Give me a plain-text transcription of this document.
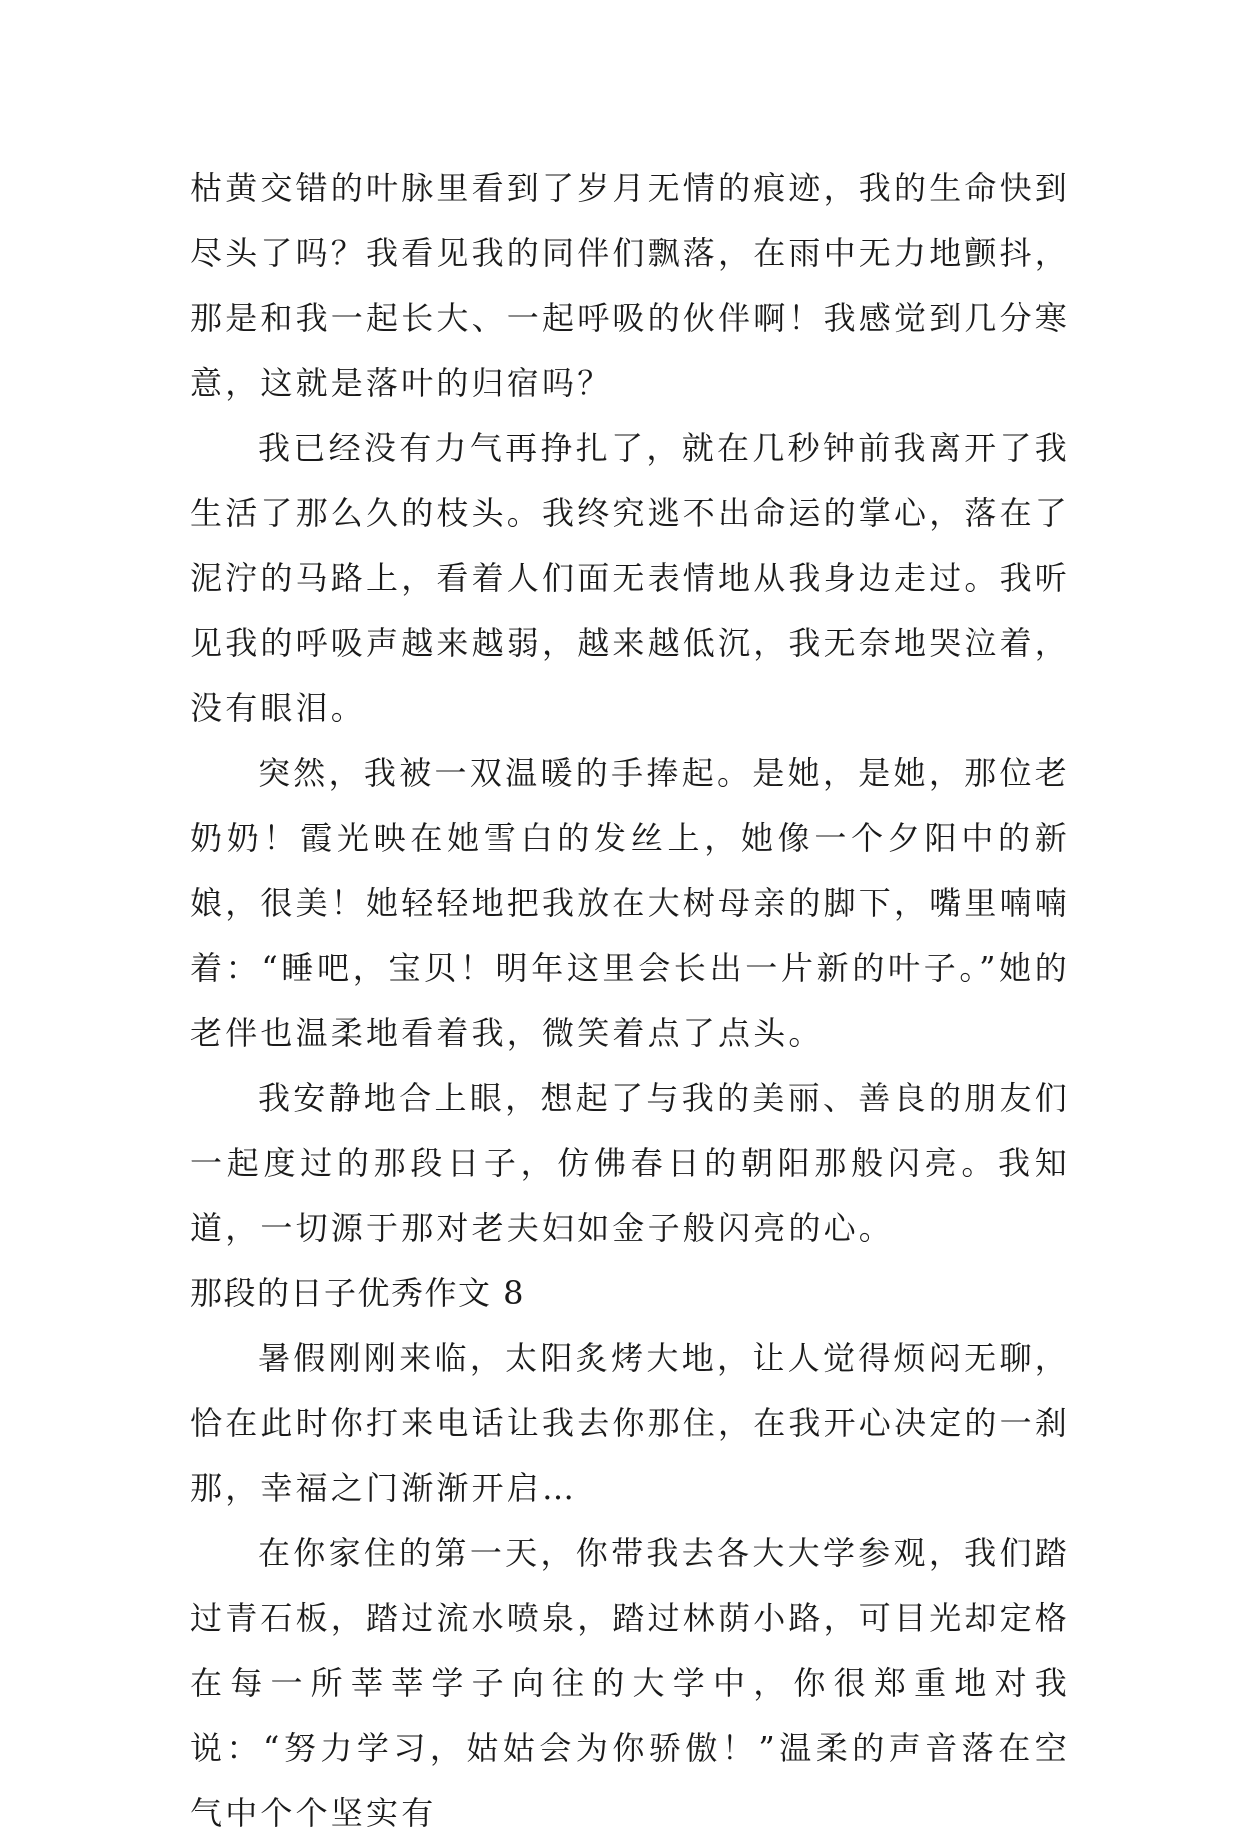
枯黄交错的叶脉里看到了岁月无情的痕迹，我的生命快到尽头了吗？我看见我的同伴们飘落，在雨中无力地颤抖，那是和我一起长大、一起呼吸的伙伴啊！我感觉到几分寒意，这就是落叶的归宿吗？

我已经没有力气再挣扎了，就在几秒钟前我离开了我生活了那么久的枝头。我终究逃不出命运的掌心，落在了泥泞的马路上，看着人们面无表情地从我身边走过。我听见我的呼吸声越来越弱，越来越低沉，我无奈地哭泣着，没有眼泪。

突然，我被一双温暖的手捧起。是她，是她，那位老奶奶！霞光映在她雪白的发丝上，她像一个夕阳中的新娘，很美！她轻轻地把我放在大树母亲的脚下，嘴里喃喃着：“睡吧，宝贝！明年这里会长出一片新的叶子。”她的老伴也温柔地看着我，微笑着点了点头。

我安静地合上眼，想起了与我的美丽、善良的朋友们一起度过的那段日子，仿佛春日的朝阳那般闪亮。我知道，一切源于那对老夫妇如金子般闪亮的心。

那段的日子优秀作文 8

暑假刚刚来临，太阳炙烤大地，让人觉得烦闷无聊，恰在此时你打来电话让我去你那住，在我开心决定的一刹那，幸福之门渐渐开启…

在你家住的第一天，你带我去各大大学参观，我们踏过青石板，踏过流水喷泉，踏过林荫小路，可目光却定格在每一所莘莘学子向往的大学中，你很郑重地对我说：“努力学习，姑姑会为你骄傲！”温柔的声音落在空气中个个坚实有
